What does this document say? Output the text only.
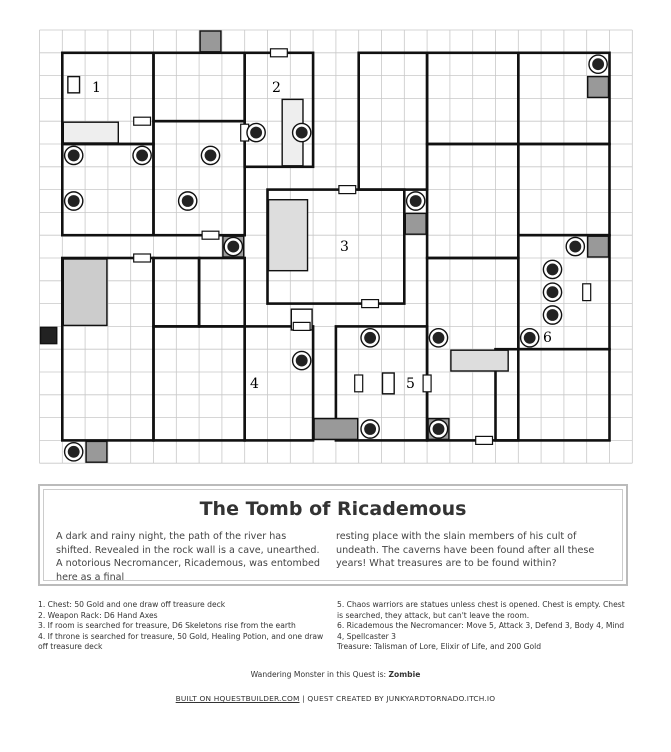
1	2
3
4	5
6
The Tomb of Ricademous
A dark and rainy night, the path of the river has shifted. Revealed in the rock wall is a cave, unearthed. A notorious Necromancer, Ricademous, was entombed here as a final
resting place with the slain members of his cult of undeath. The caverns have been found after all these years! What treasures are to be found within?
1. Chest: 50 Gold and one draw off treasure deck
2. Weapon Rack: D6 Hand Axes
3. If room is searched for treasure, D6 Skeletons rise from the earth
4. If throne is searched for treasure, 50 Gold, Healing Potion, and one draw off treasure deck
5. Chaos warriors are statues unless chest is opened. Chest is empty. Chest is searched, they attack, but can't leave the room.
6. Ricademous the Necromancer: Move 5, Attack 3, Defend 3, Body 4, Mind 4, Spellcaster 3
Treasure: Talisman of Lore, Elixir of Life, and 200 Gold
Wandering Monster in this Quest is: Zombie
BUILT ON HQUESTBUILDER.COM | QUEST CREATED BY JUNKYARDTORNADO.ITCH.IO
